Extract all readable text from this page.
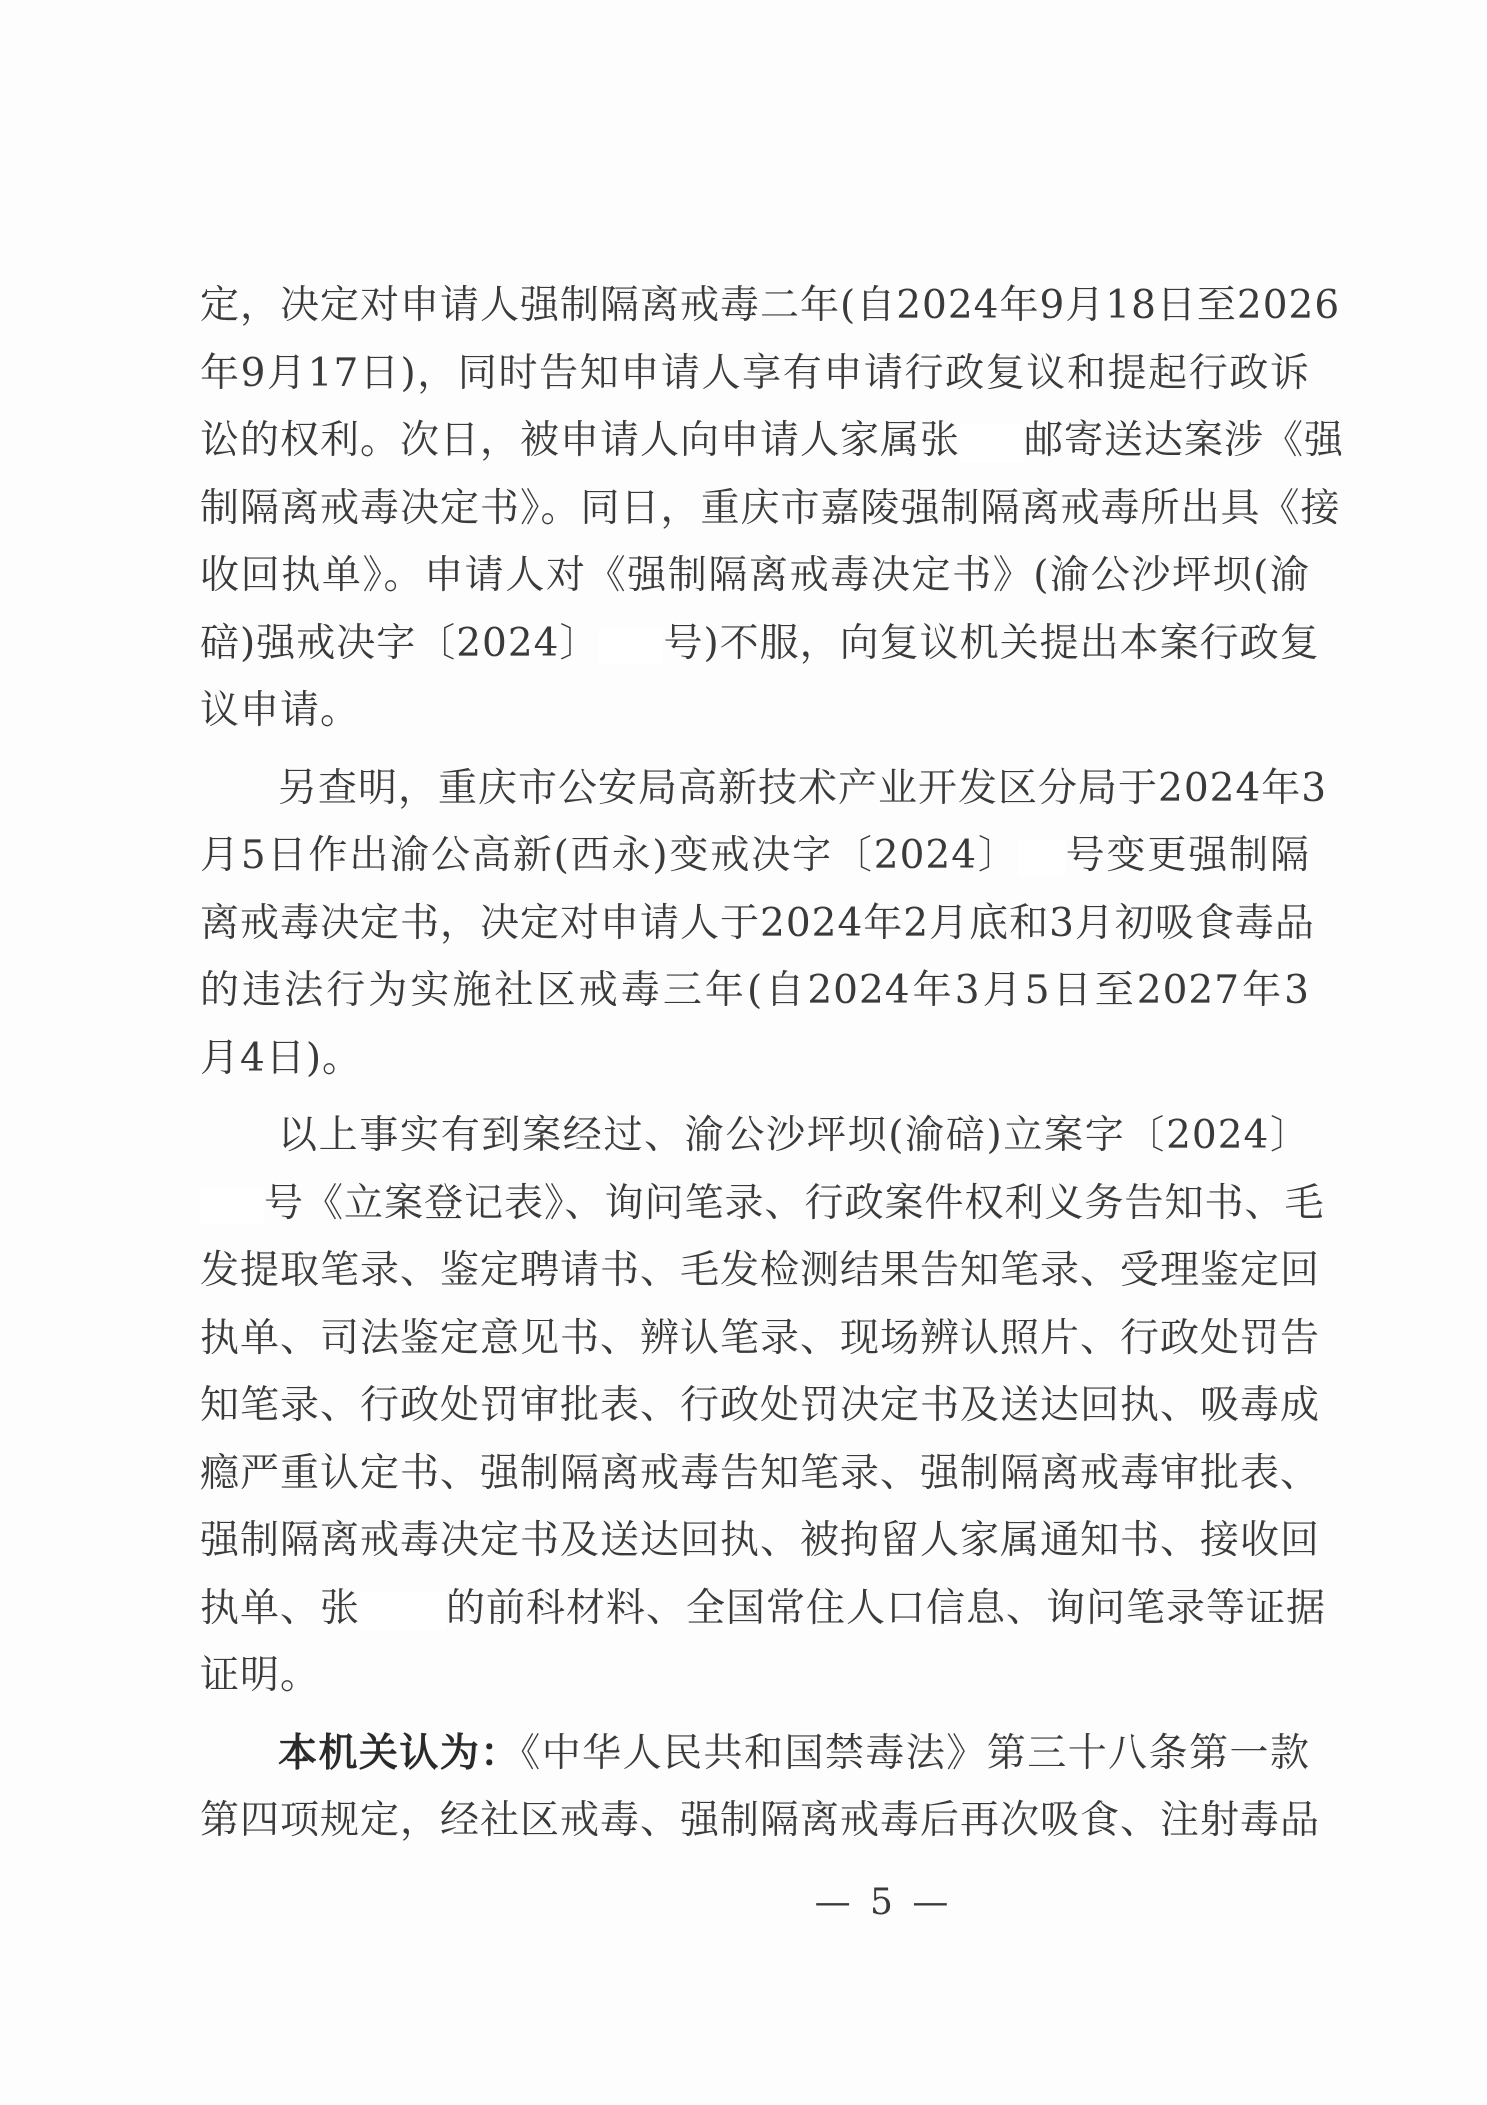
定，决定对申请人强制隔离戒毒二年(自2024年9月18日至2026
年9月17日)，同时告知申请人享有申请行政复议和提起行政诉
讼的权利。次日，被申请人向申请人家属张 邮寄送达案涉《强
制隔离戒毒决定书》。同日，重庆市嘉陵强制隔离戒毒所出具《接
收回执单》。申请人对《强制隔离戒毒决定书》(渝公沙坪坝(渝
碚)强戒决字〔2024〕 号)不服，向复议机关提出本案行政复
议申请。
另查明，重庆市公安局高新技术产业开发区分局于2024年3
月5日作出渝公高新(西永)变戒决字〔2024〕 号变更强制隔
离戒毒决定书，决定对申请人于2024年2月底和3月初吸食毒品
的违法行为实施社区戒毒三年(自2024年3月5日至2027年3
月4日)。
以上事实有到案经过、渝公沙坪坝(渝碚)立案字〔2024〕
号《立案登记表》、询问笔录、行政案件权利义务告知书、毛
发提取笔录、鉴定聘请书、毛发检测结果告知笔录、受理鉴定回
执单、司法鉴定意见书、辨认笔录、现场辨认照片、行政处罚告
知笔录、行政处罚审批表、行政处罚决定书及送达回执、吸毒成
瘾严重认定书、强制隔离戒毒告知笔录、强制隔离戒毒审批表、
强制隔离戒毒决定书及送达回执、被拘留人家属通知书、接收回
执单、张 的前科材料、全国常住人口信息、询问笔录等证据
证明。
本机关认为：《中华人民共和国禁毒法》第三十八条第一款
第四项规定，经社区戒毒、强制隔离戒毒后再次吸食、注射毒品
— 5 —
